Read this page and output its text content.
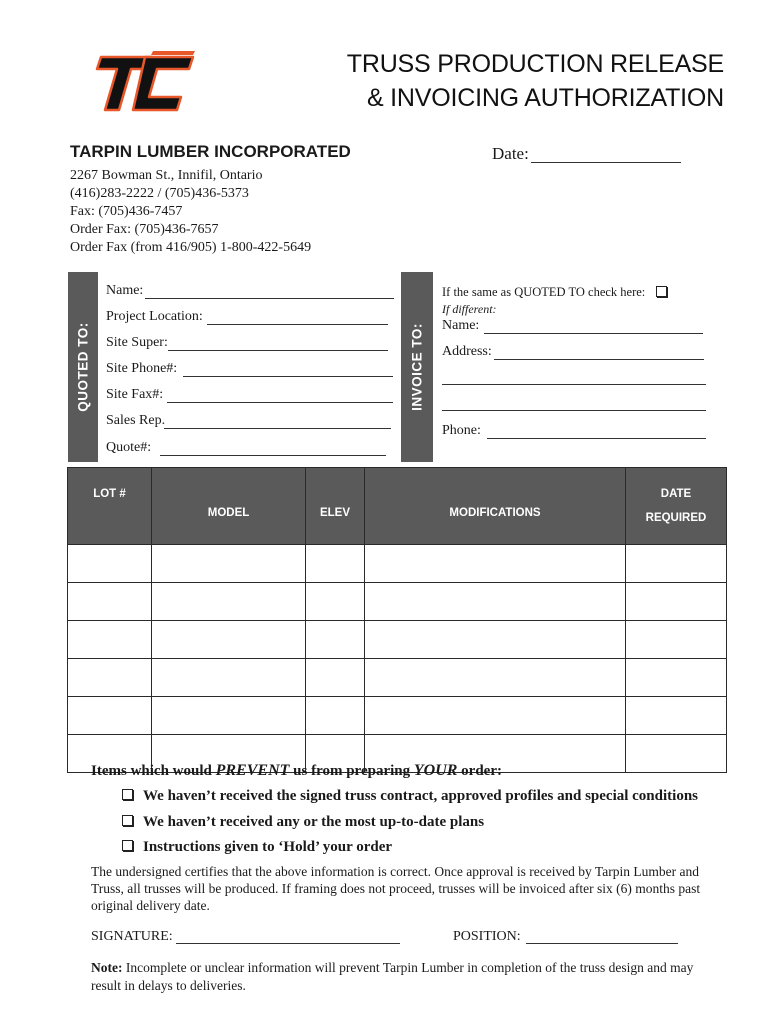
TRUSS PRODUCTION RELEASE
& INVOICING AUTHORIZATION
TARPIN LUMBER INCORPORATED	Date:
2267 Bowman St., Innifil, Ontario
(416)283-2222 / (705)436-5373
Fax: (705)436-7457
Order Fax: (705)436-7657
Order Fax (from 416/905) 1-800-422-5649
QUOTED TO:
Name:
Project Location:
Site Super:
Site Phone#:
Site Fax#:
Sales Rep.
Quote#:
INVOICE TO:
If the same as QUOTED TO check here:
If different:
Name:
Address:
Phone:
LOT #	MODEL	ELEV	MODIFICATIONS	DATE
REQUIRED

Items which would PREVENT us from preparing YOUR order:
We haven’t received the signed truss contract, approved profiles and special conditions
We haven’t received any or the most up-to-date plans
Instructions given to ‘Hold’ your order
The undersigned certifies that the above information is correct. Once approval is received by Tarpin Lumber and
Truss, all trusses will be produced. If framing does not proceed, trusses will be invoiced after six (6) months past
original delivery date.
SIGNATURE:	POSITION:
Note: Incomplete or unclear information will prevent Tarpin Lumber in completion of the truss design and may
result in delays to deliveries.
